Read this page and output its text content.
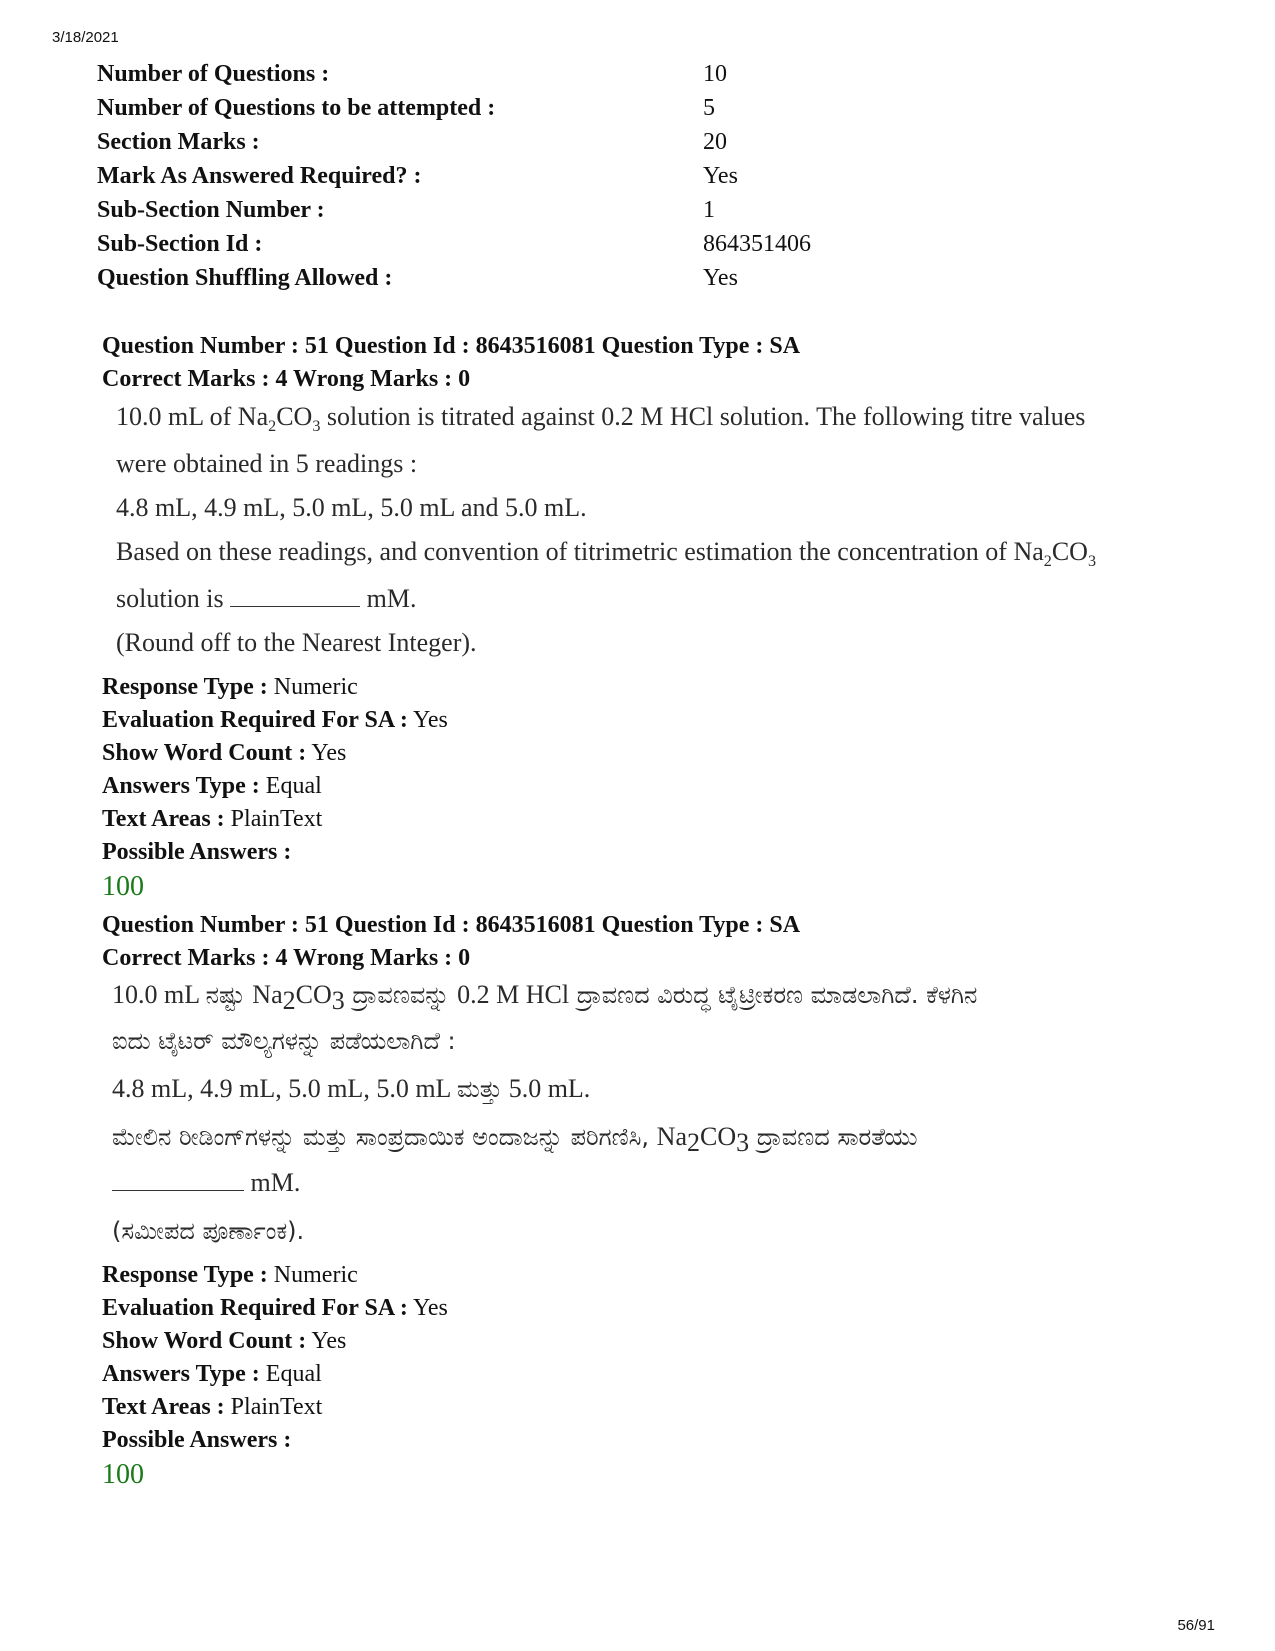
3/18/2021
Number of Questions :	10
Number of Questions to be attempted :	5
Section Marks :	20
Mark As Answered Required? :	Yes
Sub-Section Number :	1
Sub-Section Id :	864351406
Question Shuffling Allowed :	Yes
Question Number : 51 Question Id : 8643516081 Question Type : SA
Correct Marks : 4 Wrong Marks : 0

10.0 mL of $Na_2CO_3$ solution is titrated against 0.2 M HCl solution. The following titre values

were obtained in 5 readings :

4.8 mL, 4.9 mL, 5.0 mL, 5.0 mL and 5.0 mL.

Based on these readings, and convention of titrimetric estimation the concentration of $Na_2CO_3$

solution is	mM.

(Round off to the Nearest Integer).

Response Type : Numeric
Evaluation Required For SA : Yes
Show Word Count : Yes
Answers Type : Equal
Text Areas : PlainText
Possible Answers :
100
Question Number : 51 Question Id : 8643516081 Question Type : SA
Correct Marks : 4 Wrong Marks : 0

10.0 mL ನಷ್ಟು $Na_2CO_3$ ದ್ರಾವಣವನ್ನು 0.2 M HCl ದ್ರಾವಣದ ವಿರುದ್ಧ ಟೈಟ್ರೀಕರಣ ಮಾಡಲಾಗಿದೆ. ಕೆಳಗಿನ

ಐದು ಟೈಟರ್ ಮೌಲ್ಯಗಳನ್ನು ಪಡೆಯಲಾಗಿದೆ :

4.8 mL, 4.9 mL, 5.0 mL, 5.0 mL ಮತ್ತು 5.0 mL.

ಮೇಲಿನ ರೀಡಿಂಗ್‌ಗಳನ್ನು ಮತ್ತು ಸಾಂಪ್ರದಾಯಿಕ ಅಂದಾಜನ್ನು ಪರಿಗಣಿಸಿ, $Na_2CO_3$ ದ್ರಾವಣದ ಸಾರತೆಯು

mM.

(ಸಮೀಪದ ಪೂರ್ಣಾಂಕ).

Response Type : Numeric
Evaluation Required For SA : Yes
Show Word Count : Yes
Answers Type : Equal
Text Areas : PlainText
Possible Answers :
100
56/91
